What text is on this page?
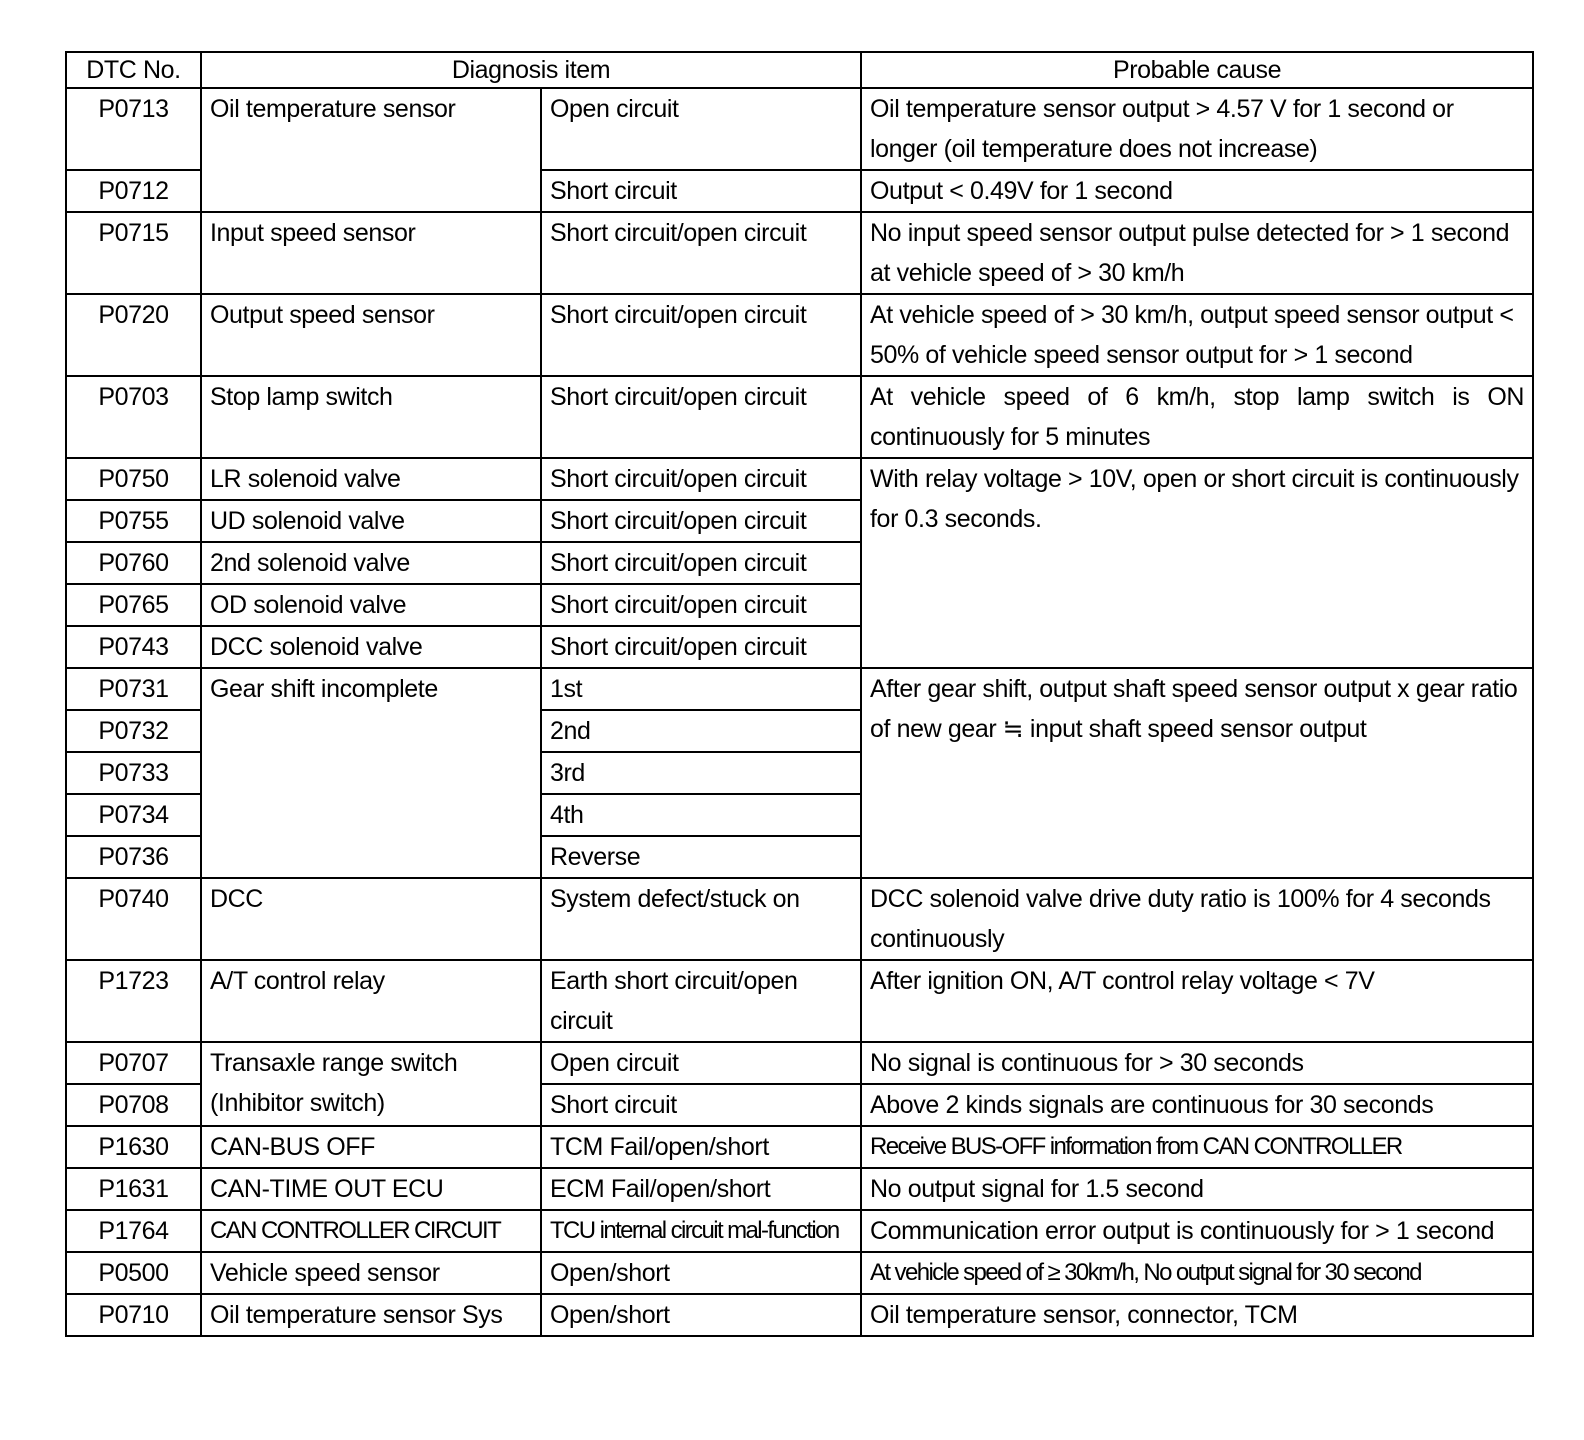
DTC No.	Diagnosis item		Probable cause
P0713	Oil temperature sensor	Open circuit	Oil temperature sensor output > 4.57 V for 1 second or longer (oil temperature does not increase)
P0712		Short circuit	Output < 0.49V for 1 second
P0715	Input speed sensor	Short circuit/open circuit	No input speed sensor output pulse detected for > 1 second at vehicle speed of > 30 km/h
P0720	Output speed sensor	Short circuit/open circuit	At vehicle speed of > 30 km/h, output speed sensor output < 50% of vehicle speed sensor output for > 1 second
P0703	Stop lamp switch	Short circuit/open circuit	At vehicle speed of 6 km/h, stop lamp switch is ON continuously for 5 minutes
P0750	LR solenoid valve	Short circuit/open circuit	With relay voltage > 10V, open or short circuit is continuously for 0.3 seconds.
P0755	UD solenoid valve	Short circuit/open circuit	
P0760	2nd solenoid valve	Short circuit/open circuit	
P0765	OD solenoid valve	Short circuit/open circuit	
P0743	DCC solenoid valve	Short circuit/open circuit	
P0731	Gear shift incomplete	1st	After gear shift, output shaft speed sensor output x gear ratio of new gear ≒ input shaft speed sensor output
P0732		2nd	
P0733		3rd	
P0734		4th	
P0736		Reverse	
P0740	DCC	System defect/stuck on	DCC solenoid valve drive duty ratio is 100% for 4 seconds continuously
P1723	A/T control relay	Earth short circuit/open circuit	After ignition ON, A/T control relay voltage < 7V
P0707	Transaxle range switch (Inhibitor switch)	Open circuit	No signal is continuous for > 30 seconds
P0708		Short circuit	Above 2 kinds signals are continuous for 30 seconds
P1630	CAN-BUS OFF	TCM Fail/open/short	Receive BUS-OFF information from CAN CONTROLLER
P1631	CAN-TIME OUT ECU	ECM Fail/open/short	No output signal for 1.5 second
P1764	CAN CONTROLLER CIRCUIT	TCU internal circuit mal-function	Communication error output is continuously for > 1 second
P0500	Vehicle speed sensor	Open/short	At vehicle speed of ≥ 30km/h, No output signal for 30 second
P0710	Oil temperature sensor Sys	Open/short	Oil temperature sensor, connector, TCM
